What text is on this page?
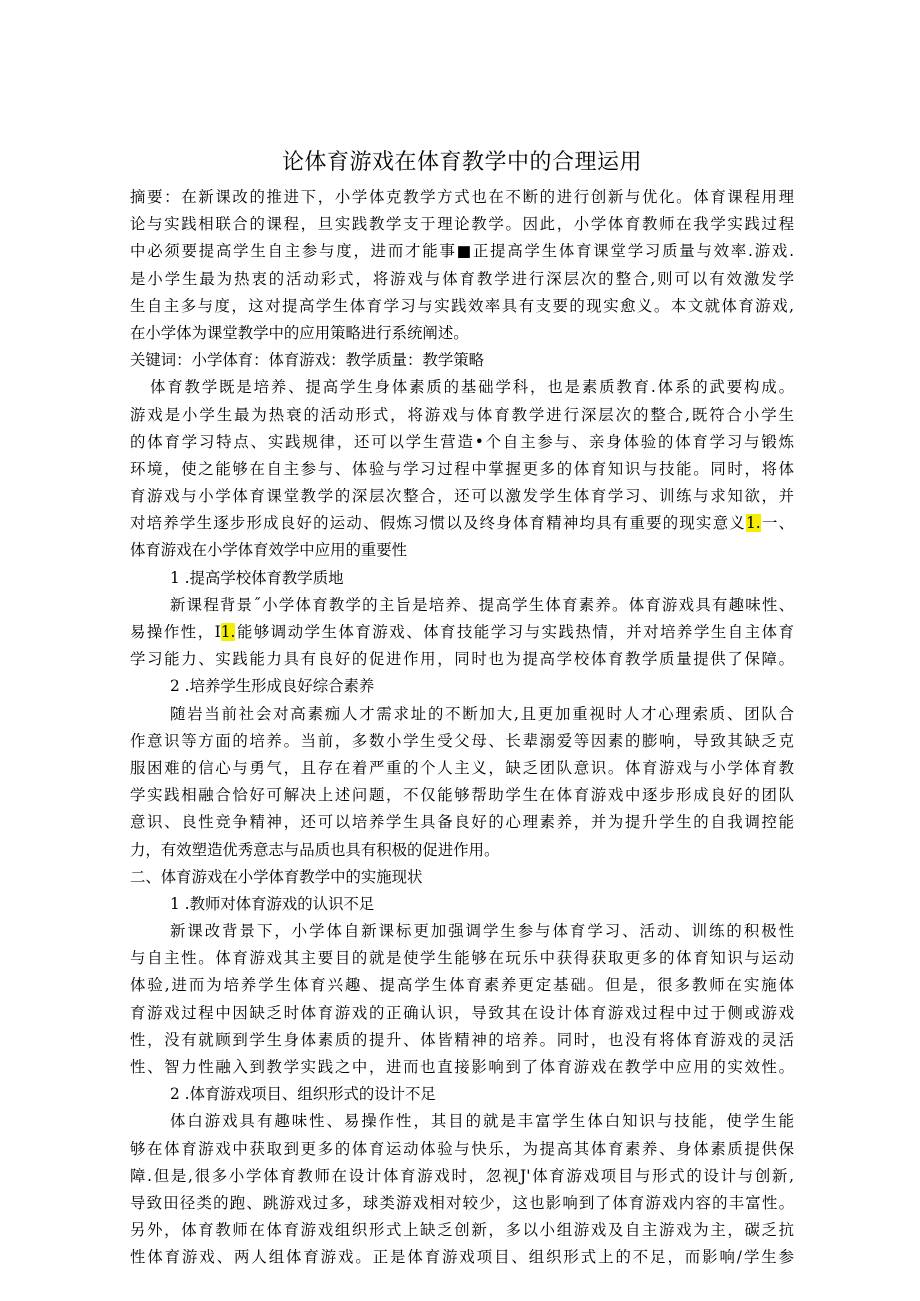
论体育游戏在体育教学中的合理运用
摘要：在新课改的推进下，小学体克教学方式也在不断的进行创新与优化。体育课程用理
论与实践相联合的课程，旦实践教学支于理论教学。因此，小学体育教师在我学实践过程
中必须要提高学生自主参与度，进而才能事■正提高学生体育课堂学习质量与效率.游戏.
是小学生最为热衷的活动彩式，将游戏与体育教学进行深层次的整合,则可以有效激发学
生自主多与度，这对提高学生体育学习与实践效率具有支要的现实愈义。本文就体育游戏,
在小学体为课堂教学中的应用策略进行系统阐述。
关键词：小学体育：体育游戏：教学质量：教学策略
体育教学既是培养、提高学生身体素质的基础学科，也是素质教育.体系的武要构成。
游戏是小学生最为热衰的活动形式，将游戏与体育教学进行深层次的整合,既符合小学生
的体育学习特点、实践规律，还可以学生营造•个自主参与、亲身体验的体育学习与锻炼
环境，使之能够在自主参与、体验与学习过程中掌握更多的体育知识与技能。同时，将体
育游戏与小学体育课堂教学的深层次整合，还可以激发学生体育学习、训练与求知欲，并
对培养学生逐步形成良好的运动、假炼习惯以及终身体育精神均具有重要的现实意义1.一、
体育游戏在小学体育效学中应用的重要性
1 .提高学校体育教学质地
新课程背景˝小学体育教学的主旨是培养、提高学生体育素养。体育游戏具有趣味性、
易操作性，I1.能够调动学生体育游戏、体育技能学习与实践热情，并对培养学生自主体育
学习能力、实践能力具有良好的促进作用，同时也为提高学校体育教学质量提供了保障。
2 .培养学生形成良好综合素养
随岩当前社会对高素痂人才需求址的不断加大,且更加重视时人才心理索质、团队合
作意识等方面的培养。当前，多数小学生受父母、长辈溺爱等因素的膨响，导致其缺乏克
服困难的信心与勇气，且存在着严重的个人主义，缺乏团队意识。体育游戏与小学体育教
学实践相融合恰好可解决上述问题，不仅能够帮助学生在体育游戏中逐步形成良好的团队
意识、良性竞争精神，还可以培养学生具备良好的心理素养，并为提升学生的自我调控能
力，有效塑造优秀意志与品质也具有积极的促进作用。
二、体育游戏在小学体育教学中的实施现状
1 .教师对体育游戏的认识不足
新课改背景下，小学体自新课标更加强调学生参与体育学习、活动、训练的积极性
与自主性。体育游戏其主要目的就是使学生能够在玩乐中获得获取更多的体育知识与运动
体验,进而为培养学生体育兴趣、提高学生体育素养更定基础。但是，很多教师在实施体
育游戏过程中因缺乏时体育游戏的正确认识，导致其在设计体育游戏过程中过于侧或游戏
性，没有就顾到学生身体素质的提升、体皆精神的培养。同时，也没有将体育游戏的灵活
性、智力性融入到教学实践之中，进而也直接影响到了体育游戏在教学中应用的实效性。
2 .体育游戏项目、组织形式的设计不足
体白游戏具有趣味性、易操作性，其目的就是丰富学生体白知识与技能，使学生能
够在体育游戏中获取到更多的体育运动体验与快乐，为提高其体育素养、身体素质提供保
障.但是,很多小学体育教师在设计体育游戏时，忽视J'体育游戏项目与形式的设计与创新,
导致田径类的跑、跳游戏过多，球类游戏相对较少，这也影响到了体育游戏内容的丰富性。
另外，体育教师在体育游戏组织形式上缺乏创新，多以小组游戏及自主游戏为主，碳乏抗
性体育游戏、两人组体育游戏。正是体育游戏项目、组织形式上的不足，而影响/学生参
